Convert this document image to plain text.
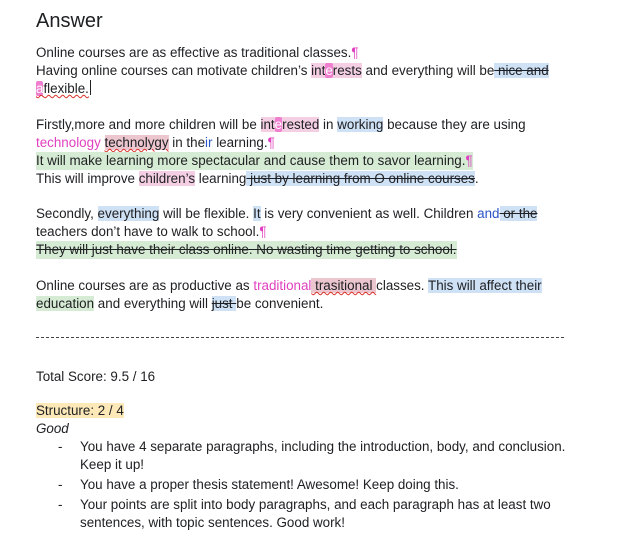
Answer
Online courses are as effective as traditional classes.¶
Having online courses can motivate children’s interests and everything will be nice and
aflexible.
Firstly,more and more children will be interested in working because they are using
technology technolygy in their learning.¶
It will make learning more spectacular and cause them to savor learning.¶
This will improve children’s learning just by learning from O online courses.
Secondly, everything will be flexible. It is very convenient as well. Children and or the
teachers don’t have to walk to school.¶
They will just have their class online. No wasting time getting to school.
Online courses are as productive as traditional trasitional classes. This will affect their
education and everything will just be convenient.
Total Score: 9.5 / 16
Structure: 2 / 4
Good
- You have 4 separate paragraphs, including the introduction, body, and conclusion. Keep it up!
- You have a proper thesis statement! Awesome! Keep doing this.
- Your points are split into body paragraphs, and each paragraph has at least two sentences, with topic sentences. Good work!
